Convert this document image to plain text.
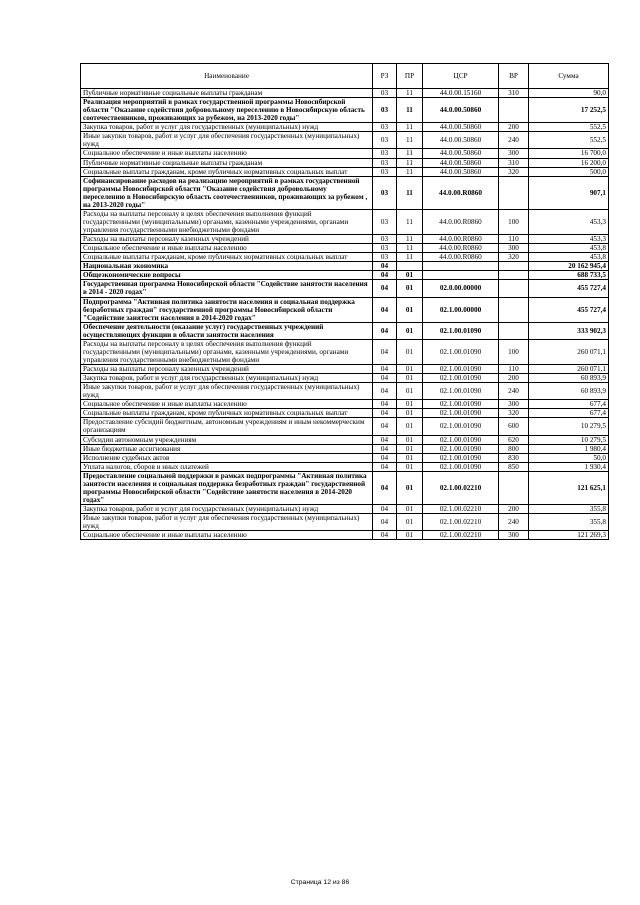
Наименование	РЗ	ПР	ЦСР	ВР	Сумма
Публичные нормативные социальные выплаты гражданам	03	11	44.0.00.15160	310	90,0
Реализация мероприятий в рамках государственной программы Новосибирской области "Оказание содействия добровольному переселению в Новосибирскую область соотечественников, проживающих за рубежом, на 2013-2020 годы"	03	11	44.0.00.50860		17 252,5
Закупка товаров, работ и услуг для государственных (муниципальных) нужд	03	11	44.0.00.50860	200	552,5
Иные закупки товаров, работ и услуг для обеспечения государственных (муниципальных) нужд	03	11	44.0.00.50860	240	552,5
Социальное обеспечение и иные выплаты населению	03	11	44.0.00.50860	300	16 700,0
Публичные нормативные социальные выплаты гражданам	03	11	44.0.00.50860	310	16 200,0
Социальные выплаты гражданам, кроме публичных нормативных социальных выплат	03	11	44.0.00.50860	320	500,0
Софинансирование расходов на реализацию мероприятий в рамках государственной программы Новосибирской области "Оказание содействия добровольному переселению в Новосибирскую область соотечественников, проживающих за рубежом , на 2013-2020 годы"	03	11	44.0.00.R0860		907,1
Расходы на выплаты персоналу в целях обеспечения выполнения функций государственными (муниципальными) органами, казенными учреждениями, органами управления государственными внебюджетными фондами	03	11	44.0.00.R0860	100	453,3
Расходы на выплаты персоналу казенных учреждений	03	11	44.0.00.R0860	110	453,3
Социальное обеспечение и иные выплаты населению	03	11	44.0.00.R0860	300	453,8
Социальные выплаты гражданам, кроме публичных нормативных социальных выплат	03	11	44.0.00.R0860	320	453,8
Национальная экономика	04				20 162 945,4
Общеэкономические вопросы	04	01			688 733,5
Государственная программа Новосибирской области "Содействие занятости населения в 2014 - 2020 годах"	04	01	02.0.00.00000		455 727,4
Подпрограмма "Активная политика занятости населения и социальная поддержка безработных граждан" государственной программы Новосибирской области "Содействие занятости населения в 2014-2020 годах"	04	01	02.1.00.00000		455 727,4
Обеспечение деятельности (оказание услуг) государственных учреждений осуществляющих функции в области занятости населения	04	01	02.1.00.01090		333 902,3
Расходы на выплаты персоналу в целях обеспечения выполнения функций государственными (муниципальными) органами, казенными учреждениями, органами управления государственными внебюджетными фондами	04	01	02.1.00.01090	100	260 071,1
Расходы на выплаты персоналу казенных учреждений	04	01	02.1.00.01090	110	260 071,1
Закупка товаров, работ и услуг для государственных (муниципальных) нужд	04	01	02.1.00.01090	200	60 893,9
Иные закупки товаров, работ и услуг для обеспечения государственных (муниципальных) нужд	04	01	02.1.00.01090	240	60 893,9
Социальное обеспечение и иные выплаты населению	04	01	02.1.00.01090	300	677,4
Социальные выплаты гражданам, кроме публичных нормативных социальных выплат	04	01	02.1.00.01090	320	677,4
Предоставление субсидий бюджетным, автономным учреждениям и иным некоммерческим организациям	04	01	02.1.00.01090	600	10 279,5
Субсидии автономным учреждениям	04	01	02.1.00.01090	620	10 279,5
Иные бюджетные ассигнования	04	01	02.1.00.01090	800	1 980,4
Исполнение судебных актов	04	01	02.1.00.01090	830	50,0
Уплата налогов, сборов и иных платежей	04	01	02.1.00.01090	850	1 930,4
Предоставление социальной поддержки в рамках подпрограммы "Активная политика занятости населения и социальная поддержка безработных граждан" государственной программы Новосибирской области "Содействие занятости населения в 2014-2020 годах"	04	01	02.1.00.02210		121 625,1
Закупка товаров, работ и услуг для государственных (муниципальных) нужд	04	01	02.1.00.02210	200	355,8
Иные закупки товаров, работ и услуг для обеспечения государственных (муниципальных) нужд	04	01	02.1.00.02210	240	355,8
Социальное обеспечение и иные выплаты населению	04	01	02.1.00.02210	300	121 269,3
Страница 12 из 86
